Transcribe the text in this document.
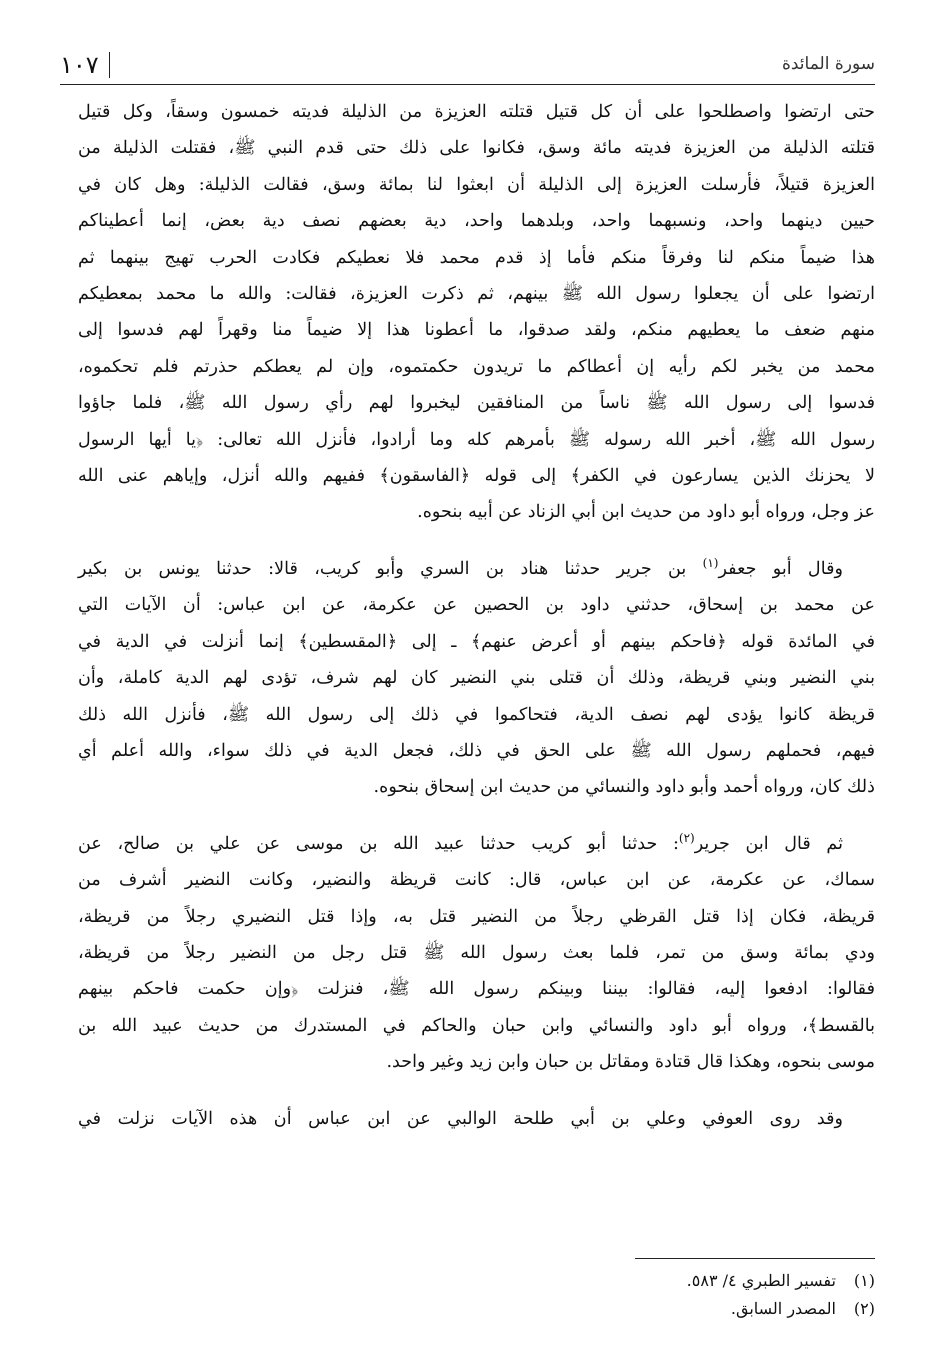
١٠٧	سورة المائدة

حتى ارتضوا واصطلحوا على أن كل قتيل قتلته العزيزة من الذليلة فديته خمسون وسقاً، وكل قتيل
قتلته الذليلة من العزيزة فديته مائة وسق، فكانوا على ذلك حتى قدم النبي ﷺ، فقتلت الذليلة من
العزيزة قتيلاً، فأرسلت العزيزة إلى الذليلة أن ابعثوا لنا بمائة وسق، فقالت الذليلة: وهل كان في
حيين دينهما واحد، ونسبهما واحد، وبلدهما واحد، دية بعضهم نصف دية بعض، إنما أعطيناكم
هذا ضيماً منكم لنا وفرقاً منكم فأما إذ قدم محمد فلا نعطيكم فكادت الحرب تهيج بينهما ثم
ارتضوا على أن يجعلوا رسول الله ﷺ بينهم، ثم ذكرت العزيزة، فقالت: والله ما محمد بمعطيكم
منهم ضعف ما يعطيهم منكم، ولقد صدقوا، ما أعطونا هذا إلا ضيماً منا وقهراً لهم فدسوا إلى
محمد من يخبر لكم رأيه إن أعطاكم ما تريدون حكمتموه، وإن لم يعطكم حذرتم فلم تحكموه،
فدسوا إلى رسول الله ﷺ ناساً من المنافقين ليخبروا لهم رأي رسول الله ﷺ، فلما جاؤوا
رسول الله ﷺ، أخبر الله رسوله ﷺ بأمرهم كله وما أرادوا، فأنزل الله تعالى: ﴿يا أيها الرسول
لا يحزنك الذين يسارعون في الكفر﴾ إلى قوله ﴿الفاسقون﴾ ففيهم والله أنزل، وإياهم عنى الله
عز وجل، ورواه أبو داود من حديث ابن أبي الزناد عن أبيه بنحوه.

وقال أبو جعفر$^{(١)}$ بن جرير حدثنا هناد بن السري وأبو كريب، قالا: حدثنا يونس بن بكير
عن محمد بن إسحاق، حدثني داود بن الحصين عن عكرمة، عن ابن عباس: أن الآيات التي
في المائدة قوله ﴿فاحكم بينهم أو أعرض عنهم﴾ ـ إلى ﴿المقسطين﴾ إنما أنزلت في الدية في
بني النضير وبني قريظة، وذلك أن قتلى بني النضير كان لهم شرف، تؤدى لهم الدية كاملة، وأن
قريظة كانوا يؤدى لهم نصف الدية، فتحاكموا في ذلك إلى رسول الله ﷺ، فأنزل الله ذلك
فيهم، فحملهم رسول الله ﷺ على الحق في ذلك، فجعل الدية في ذلك سواء، والله أعلم أي
ذلك كان، ورواه أحمد وأبو داود والنسائي من حديث ابن إسحاق بنحوه.

ثم قال ابن جرير$^{(٢)}$: حدثنا أبو كريب حدثنا عبيد الله بن موسى عن علي بن صالح، عن
سماك، عن عكرمة، عن ابن عباس، قال: كانت قريظة والنضير، وكانت النضير أشرف من
قريظة، فكان إذا قتل القرظي رجلاً من النضير قتل به، وإذا قتل النضيري رجلاً من قريظة،
ودي بمائة وسق من تمر، فلما بعث رسول الله ﷺ قتل رجل من النضير رجلاً من قريظة،
فقالوا: ادفعوا إليه، فقالوا: بيننا وبينكم رسول الله ﷺ، فنزلت ﴿وإن حكمت فاحكم بينهم
بالقسط﴾، ورواه أبو داود والنسائي وابن حبان والحاكم في المستدرك من حديث عبيد الله بن
موسى بنحوه، وهكذا قال قتادة ومقاتل بن حبان وابن زيد وغير واحد.

وقد روى العوفي وعلي بن أبي طلحة الوالبي عن ابن عباس أن هذه الآيات نزلت في

(١)تفسير الطبري ٤/ ٥٨٣.
(٢)المصدر السابق.
